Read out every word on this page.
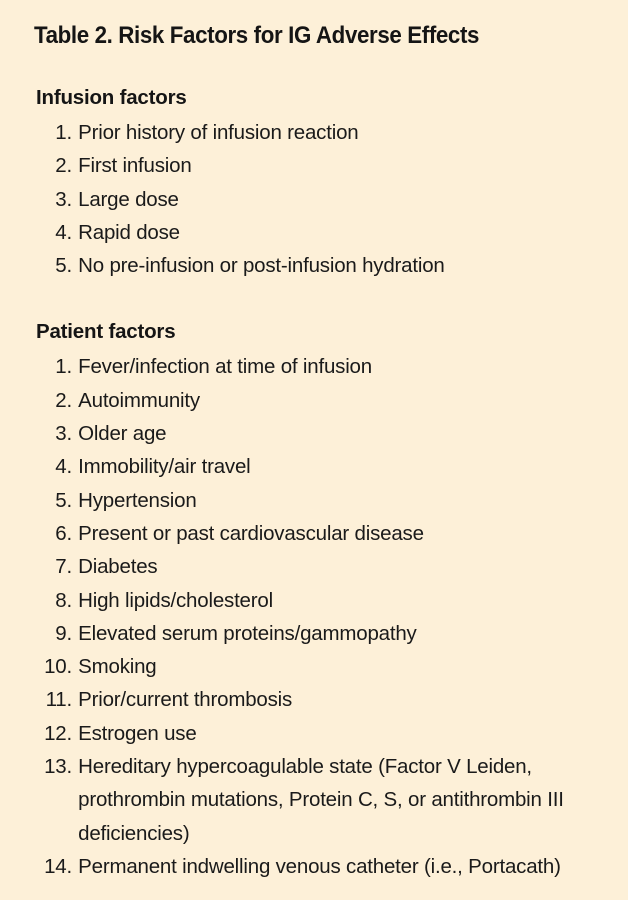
Table 2. Risk Factors for IG Adverse Effects
Infusion factors
1. Prior history of infusion reaction
2. First infusion
3. Large dose
4. Rapid dose
5. No pre-infusion or post-infusion hydration
Patient factors
1. Fever/infection at time of infusion
2. Autoimmunity
3. Older age
4. Immobility/air travel
5. Hypertension
6. Present or past cardiovascular disease
7. Diabetes
8. High lipids/cholesterol
9. Elevated serum proteins/gammopathy
10. Smoking
11. Prior/current thrombosis
12. Estrogen use
13. Hereditary hypercoagulable state (Factor V Leiden, prothrombin mutations, Protein C, S, or antithrombin III deficiencies)
14. Permanent indwelling venous catheter (i.e., Portacath)
